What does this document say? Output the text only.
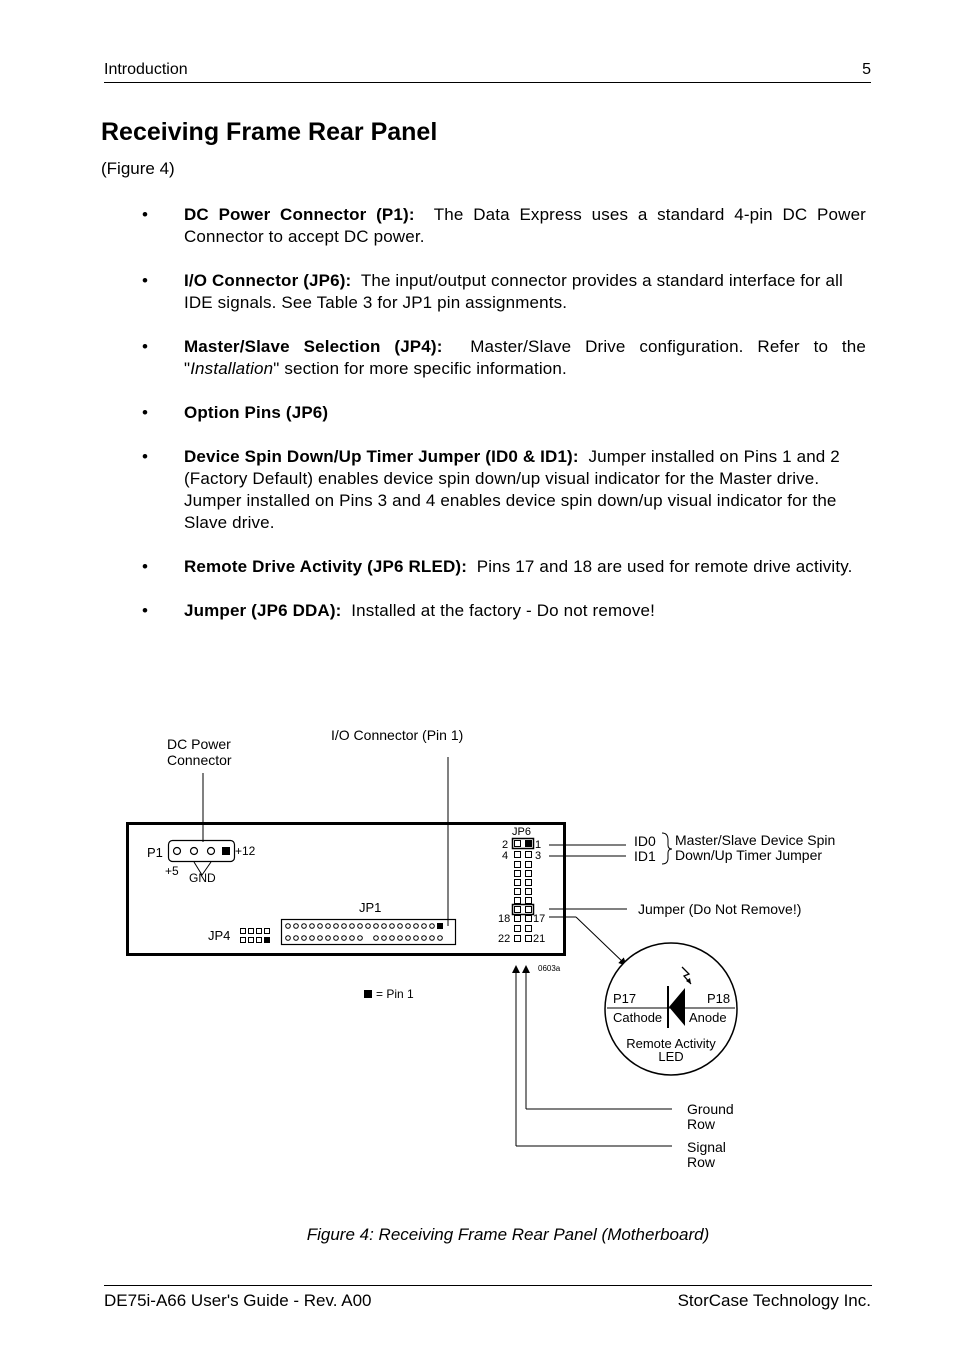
Introduction	5
Receiving Frame Rear Panel
(Figure 4)
• DC Power Connector (P1): The Data Express uses a standard 4-pin DC Power Connector to accept DC power.
• I/O Connector (JP6): The input/output connector provides a standard interface for all IDE signals. See Table 3 for JP1 pin assignments.
• Master/Slave Selection (JP4): Master/Slave Drive configuration. Refer to the "Installation" section for more specific information.
• Option Pins (JP6)
• Device Spin Down/Up Timer Jumper (ID0 & ID1): Jumper installed on Pins 1 and 2 (Factory Default) enables device spin down/up visual indicator for the Master drive. Jumper installed on Pins 3 and 4 enables device spin down/up visual indicator for the Slave drive.
• Remote Drive Activity (JP6 RLED): Pins 17 and 18 are used for remote drive activity.
• Jumper (JP6 DDA): Installed at the factory - Do not remove!
DC Power
Connector
I/O Connector (Pin 1)
P1	+12
+5 GND
JP1
JP4
JP6
2 1
4 3
18 17
22 21
ID0
ID1
Master/Slave Device Spin
Down/Up Timer Jumper
Jumper (Do Not Remove!)
0603a
= Pin 1	P17	P18
Cathode Anode
Remote Activity
LED
Ground
Row
Signal
Row
Figure 4: Receiving Frame Rear Panel (Motherboard)
DE75i-A66 User's Guide - Rev. A00	StorCase Technology Inc.
